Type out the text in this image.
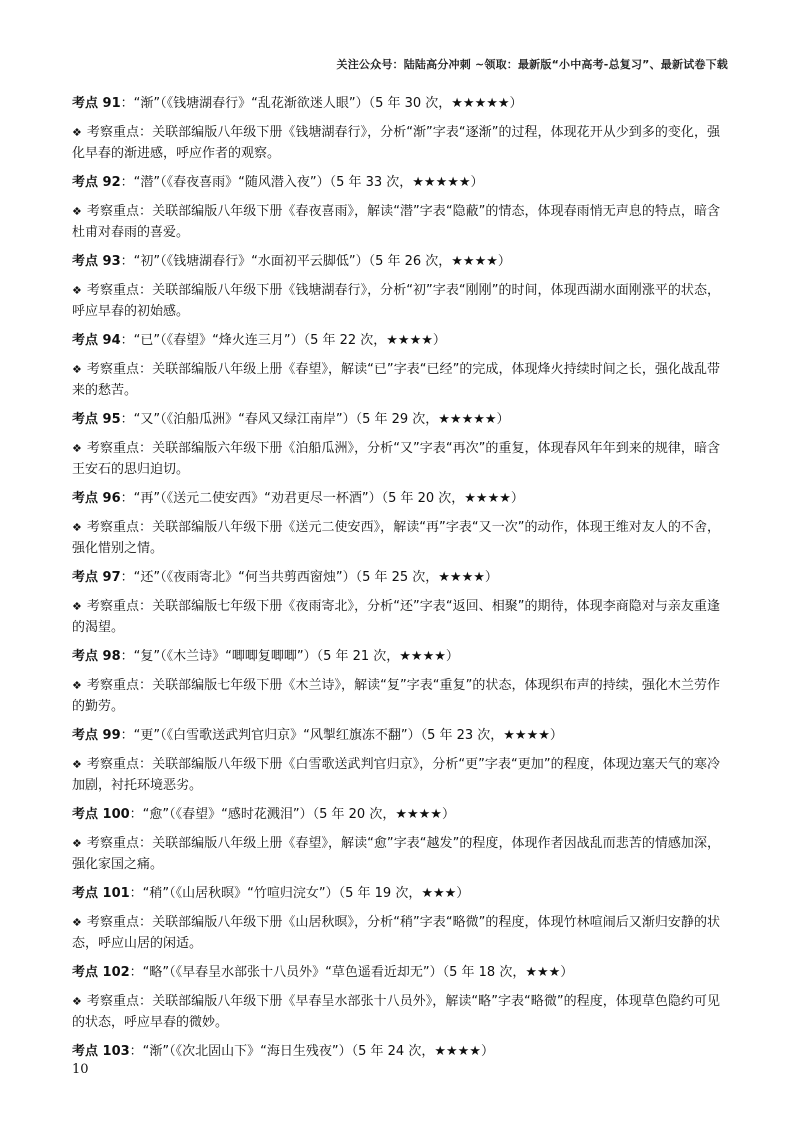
关注公众号：陆陆高分冲刺 ~领取：最新版“小中高考-总复习”、最新试卷下载
考点 91：“渐”（《钱塘湖春行》“乱花渐欲迷人眼”）（5 年 30 次，★★★★★）
❖ 考察重点：关联部编版八年级下册《钱塘湖春行》，分析“渐”字表“逐渐”的过程，体现花开从少到多的变化，强化早春的渐进感，呼应作者的观察。
考点 92：“潜”（《春夜喜雨》“随风潜入夜”）（5 年 33 次，★★★★★）
❖ 考察重点：关联部编版八年级下册《春夜喜雨》，解读“潜”字表“隐蔽”的情态，体现春雨悄无声息的特点，暗含杜甫对春雨的喜爱。
考点 93：“初”（《钱塘湖春行》“水面初平云脚低”）（5 年 26 次，★★★★）
❖ 考察重点：关联部编版八年级下册《钱塘湖春行》，分析“初”字表“刚刚”的时间，体现西湖水面刚涨平的状态，呼应早春的初始感。
考点 94：“已”（《春望》“烽火连三月”）（5 年 22 次，★★★★）
❖ 考察重点：关联部编版八年级上册《春望》，解读“已”字表“已经”的完成，体现烽火持续时间之长，强化战乱带来的愁苦。
考点 95：“又”（《泊船瓜洲》“春风又绿江南岸”）（5 年 29 次，★★★★★）
❖ 考察重点：关联部编版六年级下册《泊船瓜洲》，分析“又”字表“再次”的重复，体现春风年年到来的规律，暗含王安石的思归迫切。
考点 96：“再”（《送元二使安西》“劝君更尽一杯酒”）（5 年 20 次，★★★★）
❖ 考察重点：关联部编版八年级下册《送元二使安西》，解读“再”字表“又一次”的动作，体现王维对友人的不舍，强化惜别之情。
考点 97：“还”（《夜雨寄北》“何当共剪西窗烛”）（5 年 25 次，★★★★）
❖ 考察重点：关联部编版七年级下册《夜雨寄北》，分析“还”字表“返回、相聚”的期待，体现李商隐对与亲友重逢的渴望。
考点 98：“复”（《木兰诗》“唧唧复唧唧”）（5 年 21 次，★★★★）
❖ 考察重点：关联部编版七年级下册《木兰诗》，解读“复”字表“重复”的状态，体现织布声的持续，强化木兰劳作的勤劳。
考点 99：“更”（《白雪歌送武判官归京》“风掣红旗冻不翻”）（5 年 23 次，★★★★）
❖ 考察重点：关联部编版八年级下册《白雪歌送武判官归京》，分析“更”字表“更加”的程度，体现边塞天气的寒冷加剧，衬托环境恶劣。
考点 100：“愈”（《春望》“感时花溅泪”）（5 年 20 次，★★★★）
❖ 考察重点：关联部编版八年级上册《春望》，解读“愈”字表“越发”的程度，体现作者因战乱而悲苦的情感加深，强化家国之痛。
考点 101：“稍”（《山居秋暝》“竹喧归浣女”）（5 年 19 次，★★★）
❖ 考察重点：关联部编版八年级下册《山居秋暝》，分析“稍”字表“略微”的程度，体现竹林喧闹后又渐归安静的状态，呼应山居的闲适。
考点 102：“略”（《早春呈水部张十八员外》“草色遥看近却无”）（5 年 18 次，★★★）
❖ 考察重点：关联部编版八年级下册《早春呈水部张十八员外》，解读“略”字表“略微”的程度，体现草色隐约可见的状态，呼应早春的微妙。
考点 103：“渐”（《次北固山下》“海日生残夜”）（5 年 24 次，★★★★）
10
